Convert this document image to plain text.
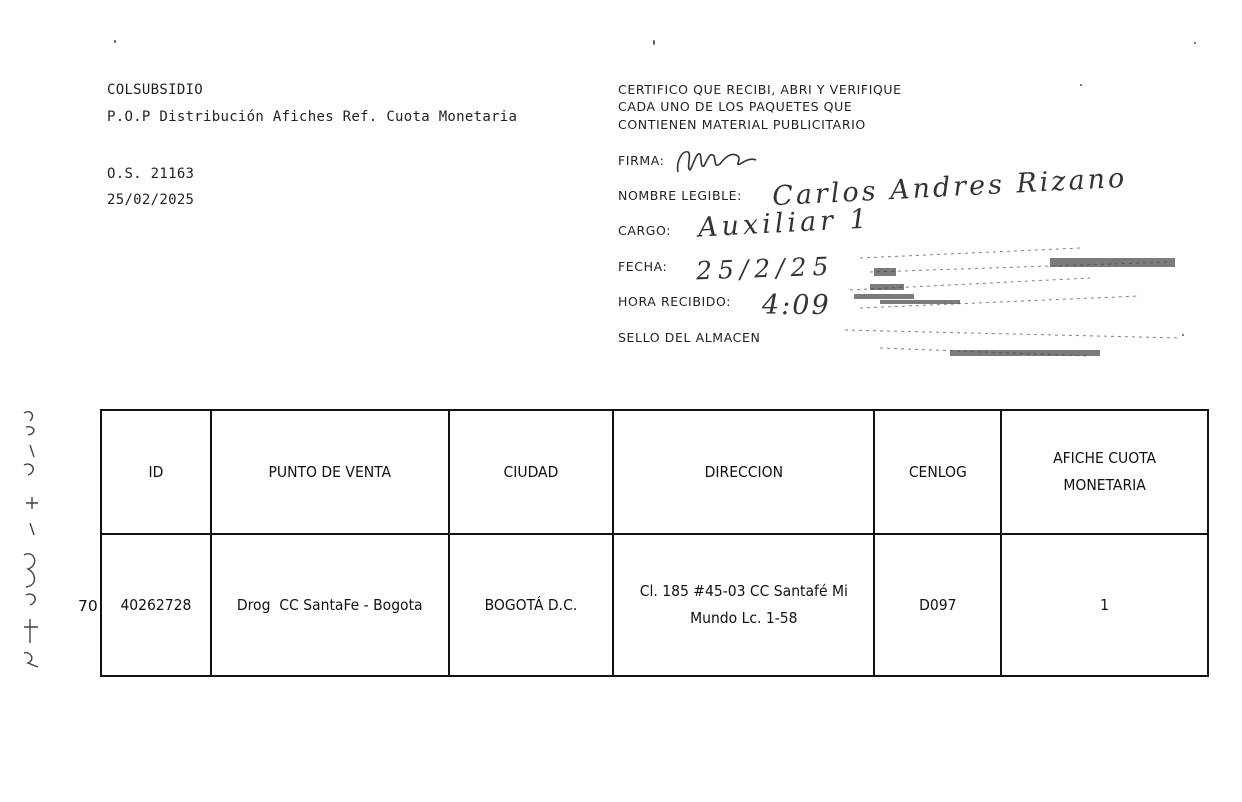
COLSUBSIDIO
P.O.P Distribución Afiches Ref. Cuota Monetaria
O.S. 21163
25/02/2025
CERTIFICO QUE RECIBI, ABRI Y VERIFIQUE
CADA UNO DE LOS PAQUETES QUE
CONTIENEN MATERIAL PUBLICITARIO
FIRMA:
NOMBRE LEGIBLE: Carlos Andres Rizano
CARGO: Auxiliar 1
FECHA: 25/2/25
HORA RECIBIDO: 4:09
SELLO DEL ALMACEN
ID	PUNTO DE VENTA	CIUDAD	DIRECCION	CENLOG	AFICHE CUOTA MONETARIA
40262728	Drog  CC SantaFe - Bogota	BOGOTÁ D.C.	Cl. 185 #45-03 CC Santafé Mi Mundo Lc. 1-58	D097	1
70
